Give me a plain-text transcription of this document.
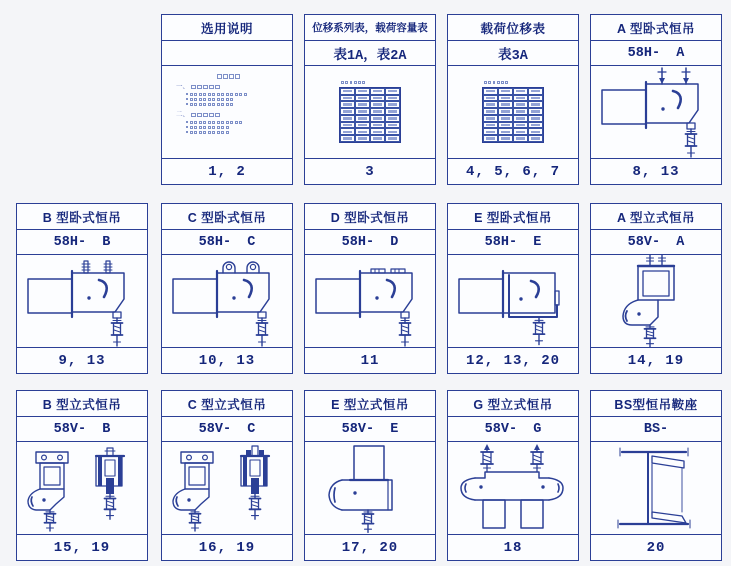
选用说明
一、
二、
1, 2
位移系列表，载荷容量表
表1A，表2A
3
载荷位移表
表3A
4, 5, 6, 7
A 型卧式恒吊
58H-  A
8, 13
B 型卧式恒吊
58H-  B
9, 13
C 型卧式恒吊
58H-  C
10, 13
D 型卧式恒吊
58H-  D
11
E 型卧式恒吊
58H-  E
12, 13, 20
A 型立式恒吊
58V-  A
14, 19
B 型立式恒吊
58V-  B
15, 19
C 型立式恒吊
58V-  C
16, 19
E 型立式恒吊
58V-  E
17, 20
G 型立式恒吊
58V-  G
18
BS型恒吊鞍座
BS-
20
